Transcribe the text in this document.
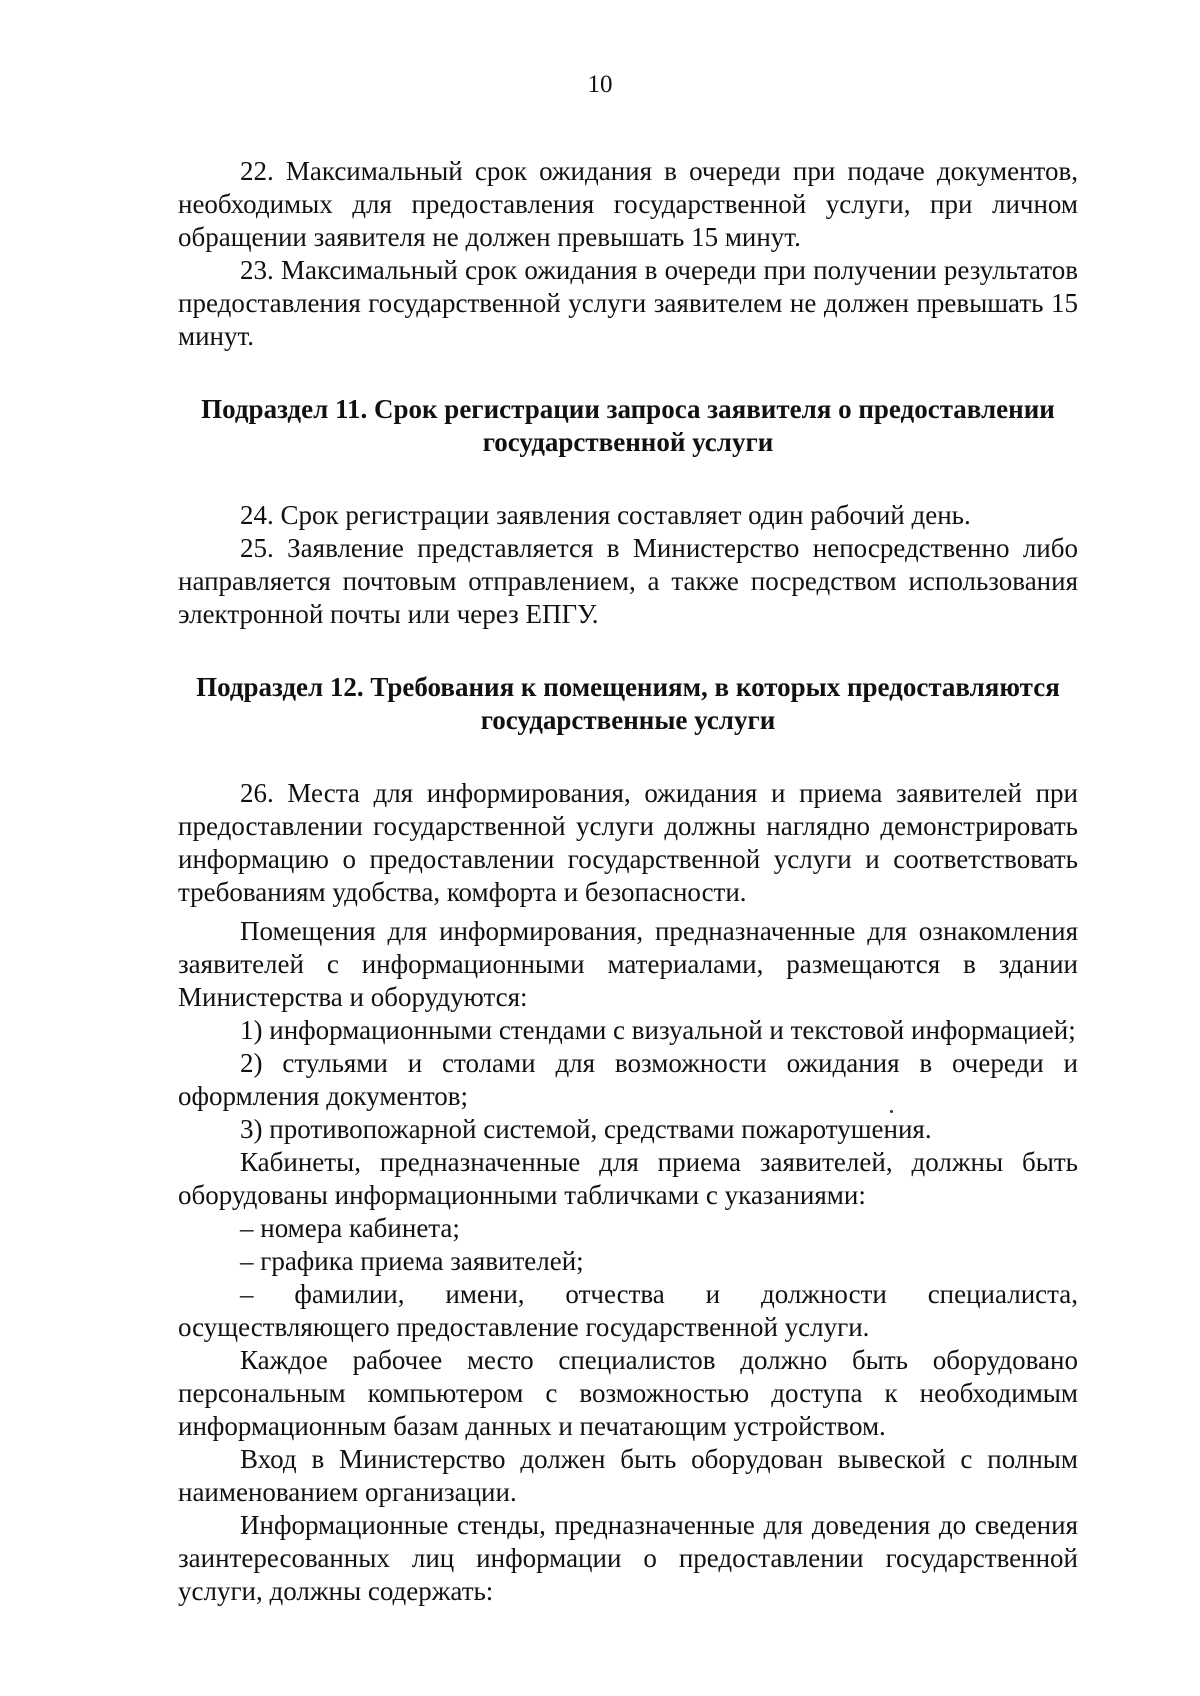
10

22. Максимальный срок ожидания в очереди при подаче документов, необходимых для предоставления государственной услуги, при личном обращении заявителя не должен превышать 15 минут.

23. Максимальный срок ожидания в очереди при получении результатов предоставления государственной услуги заявителем не должен превышать 15 минут.

Подраздел 11. Срок регистрации запроса заявителя о предоставлении
государственной услуги

24. Срок регистрации заявления составляет один рабочий день.

25. Заявление представляется в Министерство непосредственно либо направляется почтовым отправлением, а также посредством использования электронной почты или через ЕПГУ.

Подраздел 12. Требования к помещениям, в которых предоставляются
государственные услуги

26. Места для информирования, ожидания и приема заявителей при предоставлении государственной услуги должны наглядно демонстрировать информацию о предоставлении государственной услуги и соответствовать требованиям удобства, комфорта и безопасности.

Помещения для информирования, предназначенные для ознакомления заявителей с информационными материалами, размещаются в здании Министерства и оборудуются:

1) информационными стендами с визуальной и текстовой информацией;

2) стульями и столами для возможности ожидания в очереди и оформления документов;

3) противопожарной системой, средствами пожаротушения.

Кабинеты, предназначенные для приема заявителей, должны быть оборудованы информационными табличками с указаниями:

– номера кабинета;

– графика приема заявителей;

– фамилии, имени, отчества и должности специалиста, осуществляющего предоставление государственной услуги.

Каждое рабочее место специалистов должно быть оборудовано персональным компьютером с возможностью доступа к необходимым информационным базам данных и печатающим устройством.

Вход в Министерство должен быть оборудован вывеской с полным наименованием организации.

Информационные стенды, предназначенные для доведения до сведения заинтересованных лиц информации о предоставлении государственной услуги, должны содержать:
